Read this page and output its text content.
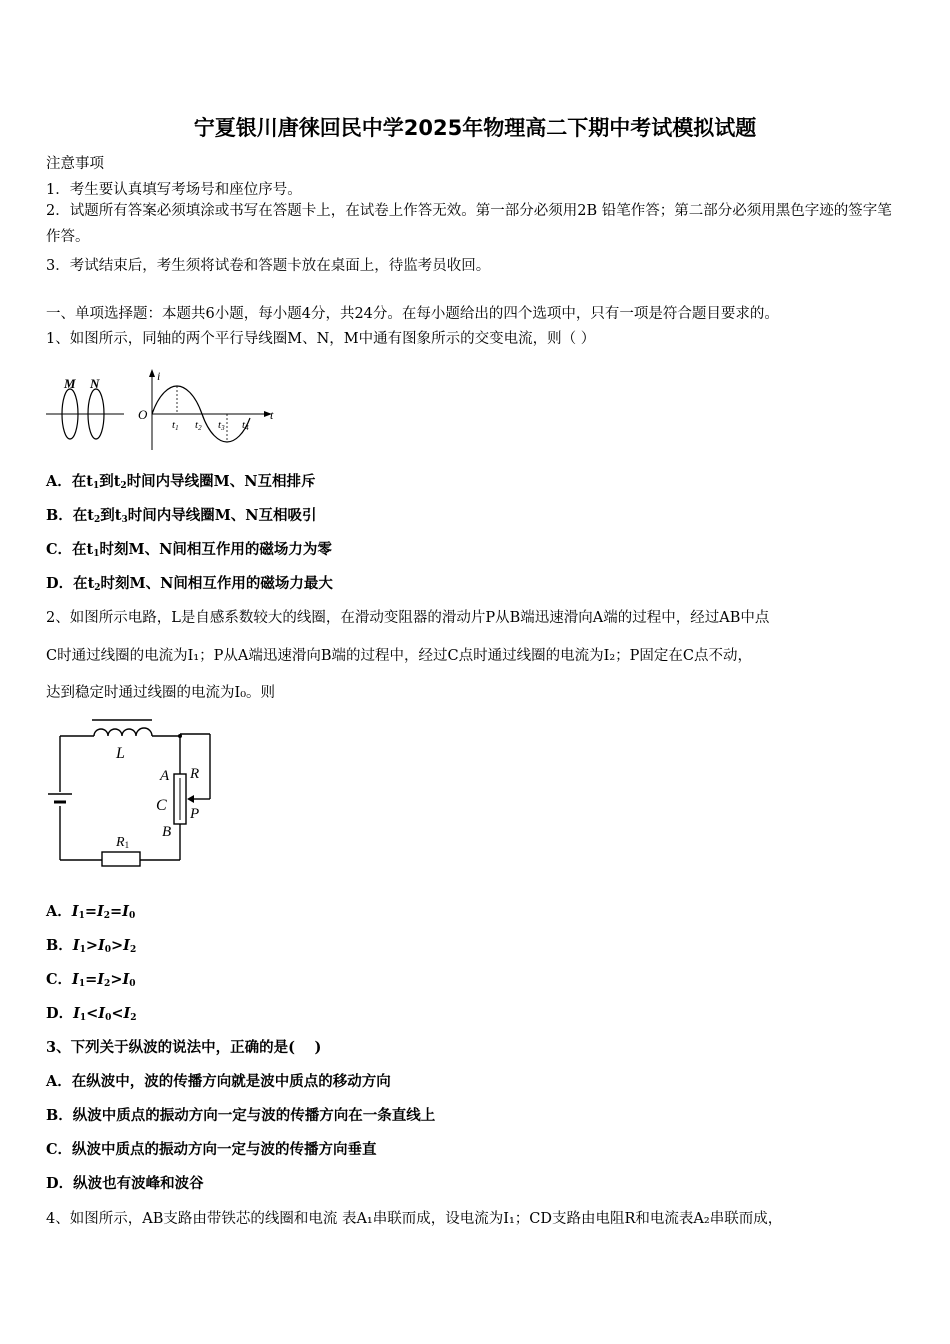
宁夏银川唐徕回民中学2025年物理高二下期中考试模拟试题
注意事项
1．考生要认真填写考场号和座位序号。
2．试题所有答案必须填涂或书写在答题卡上，在试卷上作答无效。第一部分必须用2B 铅笔作答；第二部分必须用黑色字迹的签字笔作答。
3．考试结束后，考生须将试卷和答题卡放在桌面上，待监考员收回。
一、单项选择题：本题共6小题，每小题4分，共24分。在每小题给出的四个选项中，只有一项是符合题目要求的。
1、如图所示，同轴的两个平行导线圈M、N，M中通有图象所示的交变电流，则（ ）
M N
O
i
t
t1 t2 t3 t4
A．在$t_1$到$t_2$时间内导线圈M、N互相排斥
B．在$t_2$到$t_3$时间内导线圈M、N互相吸引
C．在$t_1$时刻M、N间相互作用的磁场力为零
D．在$t_2$时刻M、N间相互作用的磁场力最大
2、如图所示电路，L是自感系数较大的线圈，在滑动变阻器的滑动片P从B端迅速滑向A端的过程中，经过AB中点
C时通过线圈的电流为I₁；P从A端迅速滑向B端的过程中，经过C点时通过线圈的电流为I₂；P固定在C点不动，
达到稳定时通过线圈的电流为I₀。则
L
A R
C P
B
R1
A．$I_1=I_2=I_0$
B．$I_1>I_0>I_2$
C．$I_1=I_2>I_0$
D．$I_1<I_0<I_2$
3、下列关于纵波的说法中，正确的是(　 )
A．在纵波中，波的传播方向就是波中质点的移动方向
B．纵波中质点的振动方向一定与波的传播方向在一条直线上
C．纵波中质点的振动方向一定与波的传播方向垂直
D．纵波也有波峰和波谷
4、如图所示，AB支路由带铁芯的线圈和电流 表A₁串联而成，设电流为I₁；CD支路由电阻R和电流表A₂串联而成，
